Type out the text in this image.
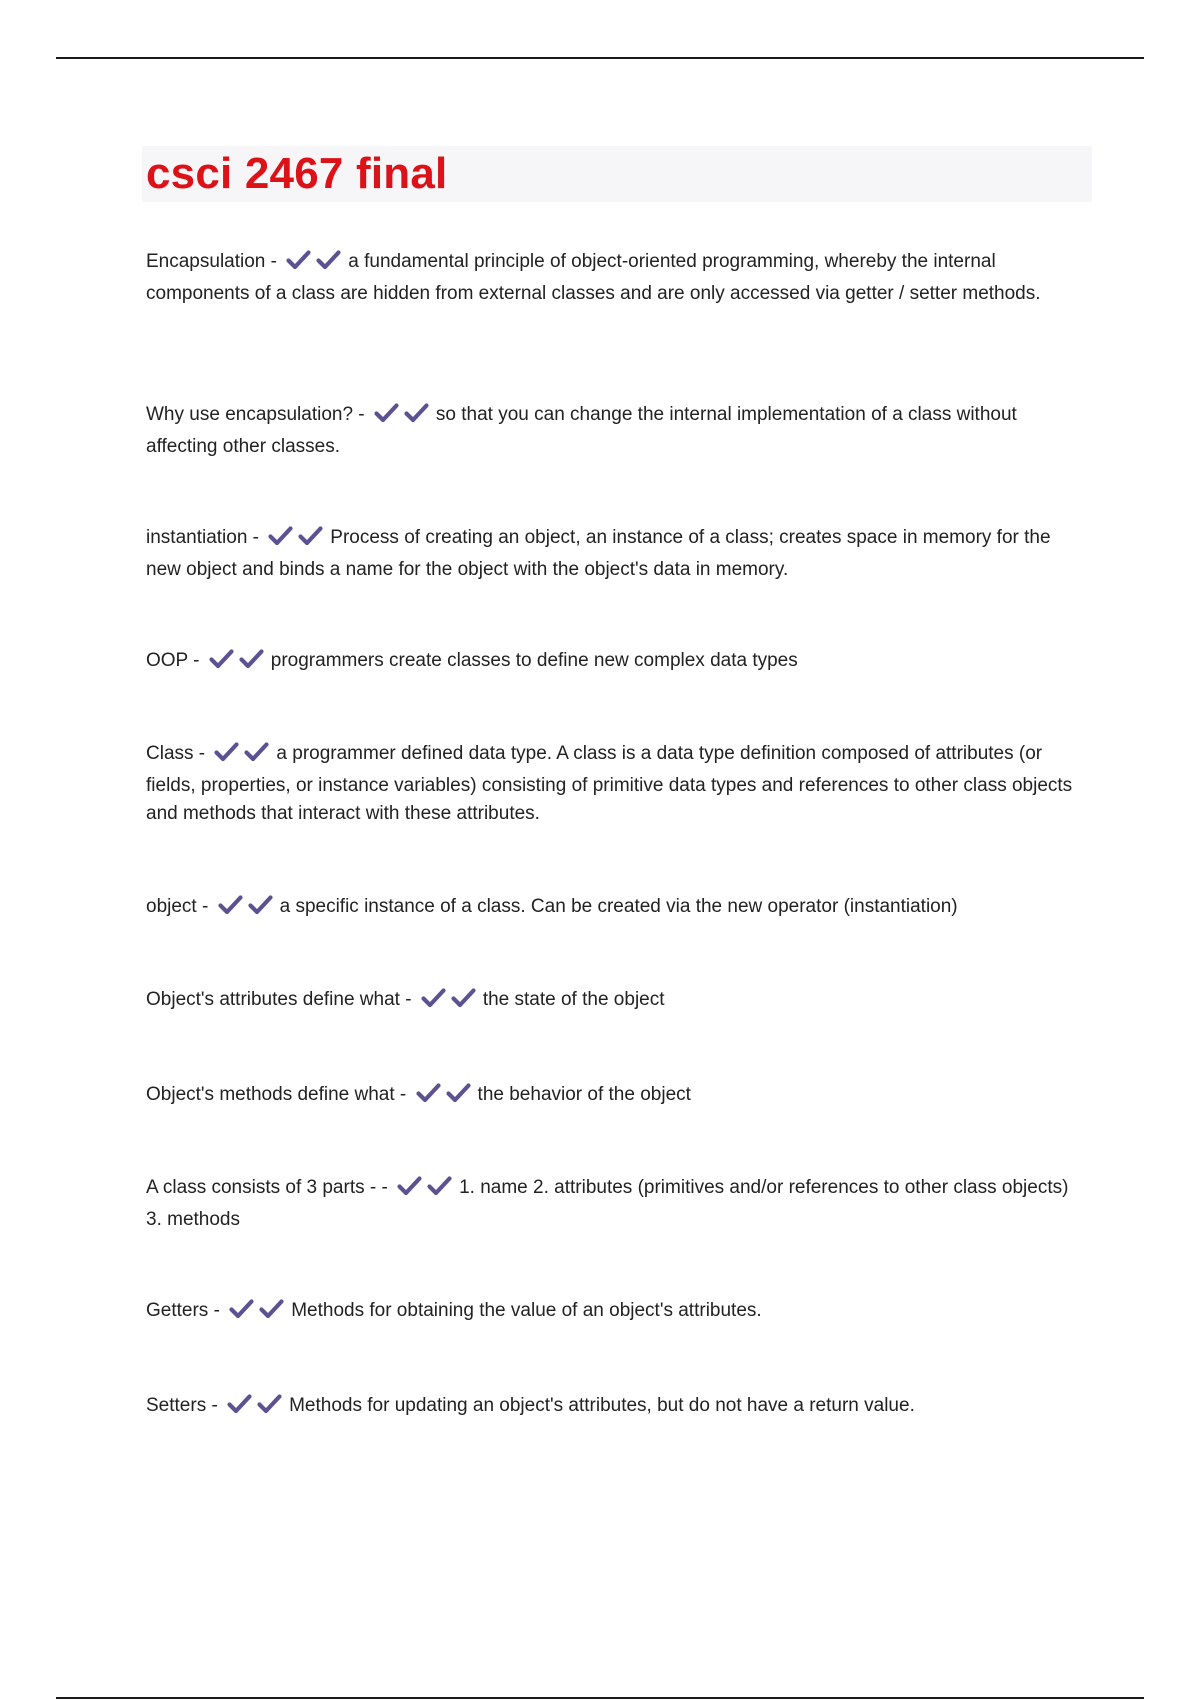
csci 2467 final
Encapsulation -	a fundamental principle of object-oriented programming, whereby the internal components of a class are hidden from external classes and are only accessed via getter / setter methods.
Why use encapsulation? -	so that you can change the internal implementation of a class without affecting other classes.
instantiation -	Process of creating an object, an instance of a class; creates space in memory for the new object and binds a name for the object with the object's data in memory.
OOP -	programmers create classes to define new complex data types
Class -	a programmer defined data type. A class is a data type definition composed of attributes (or fields, properties, or instance variables) consisting of primitive data types and references to other class objects and methods that interact with these attributes.
object -	a specific instance of a class. Can be created via the new operator (instantiation)
Object's attributes define what -	the state of the object
Object's methods define what -	the behavior of the object
A class consists of 3 parts - -	1. name 2. attributes (primitives and/or references to other class objects) 3. methods
Getters -	Methods for obtaining the value of an object's attributes.
Setters -	Methods for updating an object's attributes, but do not have a return value.
